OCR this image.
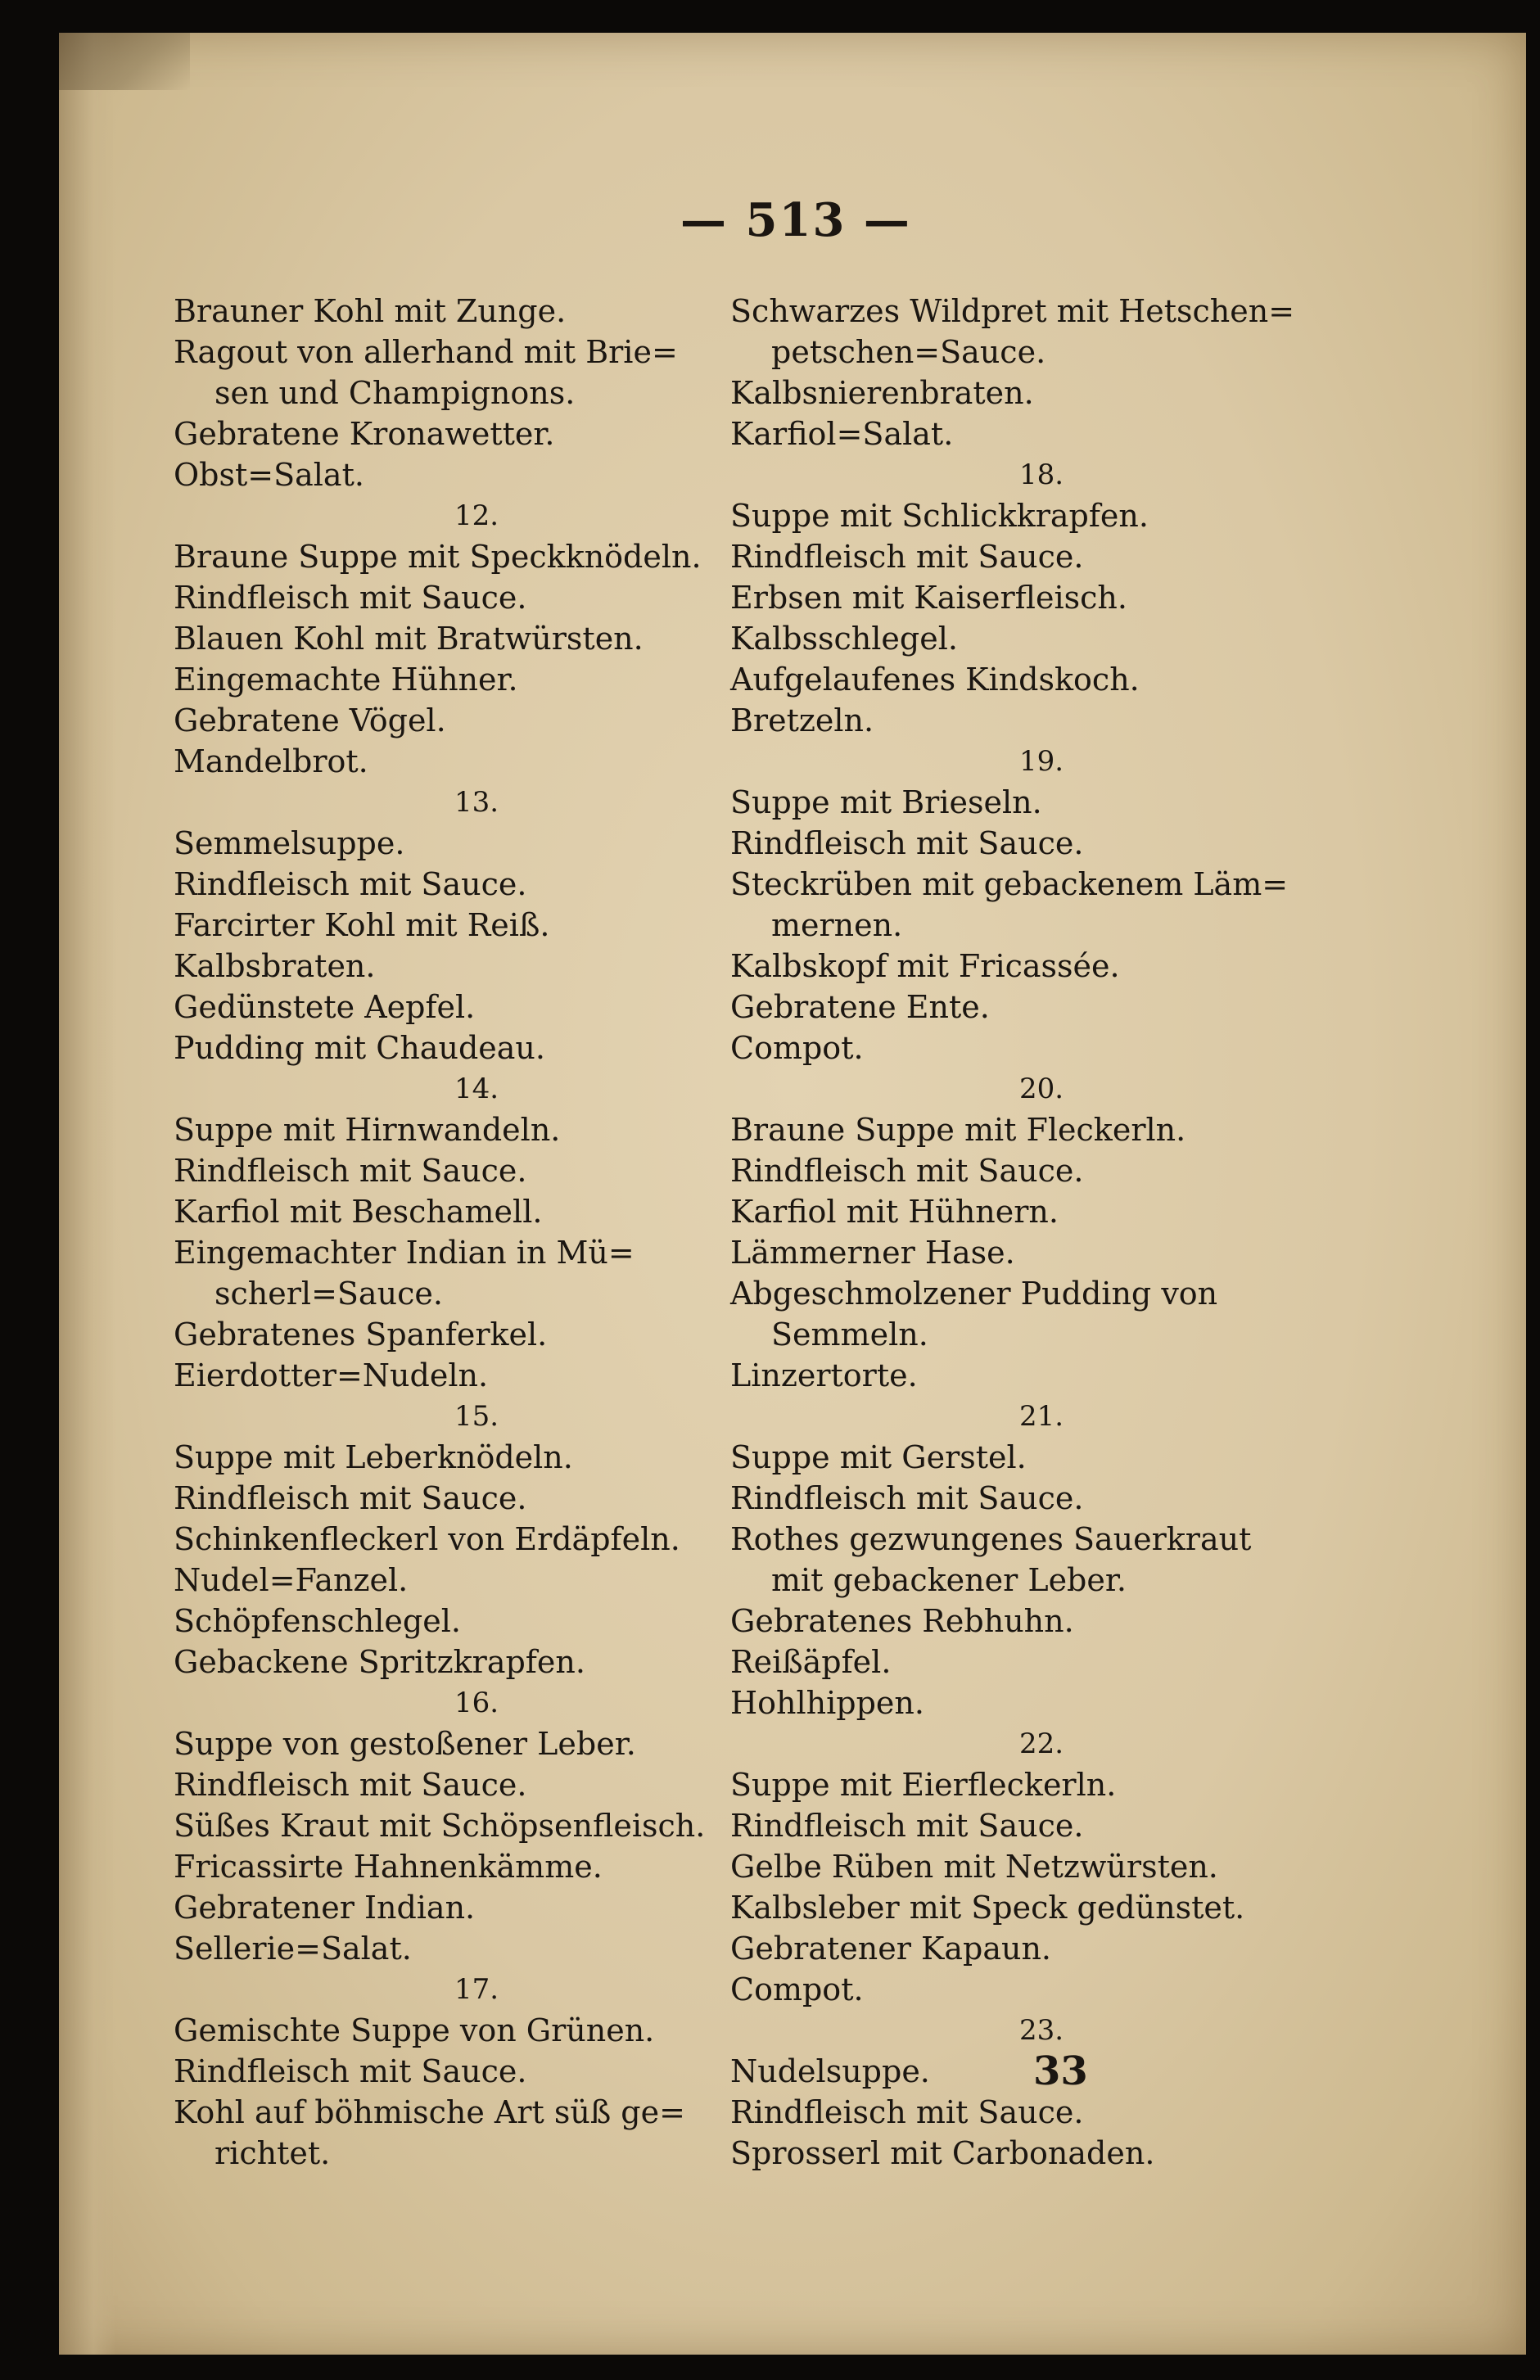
— 513 —
Brauner Kohl mit Zunge.
Ragout von allerhand mit Brie=
sen und Champignons.
Gebratene Kronawetter.
Obst=Salat.
12.
Braune Suppe mit Speckknödeln.
Rindfleisch mit Sauce.
Blauen Kohl mit Bratwürsten.
Eingemachte Hühner.
Gebratene Vögel.
Mandelbrot.
13.
Semmelsuppe.
Rindfleisch mit Sauce.
Farcirter Kohl mit Reiß.
Kalbsbraten.
Gedünstete Aepfel.
Pudding mit Chaudeau.
14.
Suppe mit Hirnwandeln.
Rindfleisch mit Sauce.
Karfiol mit Beschamell.
Eingemachter Indian in Mü=
scherl=Sauce.
Gebratenes Spanferkel.
Eierdotter=Nudeln.
15.
Suppe mit Leberknödeln.
Rindfleisch mit Sauce.
Schinkenfleckerl von Erdäpfeln.
Nudel=Fanzel.
Schöpfenschlegel.
Gebackene Spritzkrapfen.
16.
Suppe von gestoßener Leber.
Rindfleisch mit Sauce.
Süßes Kraut mit Schöpsenfleisch.
Fricassirte Hahnenkämme.
Gebratener Indian.
Sellerie=Salat.
17.
Gemischte Suppe von Grünen.
Rindfleisch mit Sauce.
Kohl auf böhmische Art süß ge=
richtet.
Schwarzes Wildpret mit Hetschen=
petschen=Sauce.
Kalbsnierenbraten.
Karfiol=Salat.
18.
Suppe mit Schlickkrapfen.
Rindfleisch mit Sauce.
Erbsen mit Kaiserfleisch.
Kalbsschlegel.
Aufgelaufenes Kindskoch.
Bretzeln.
19.
Suppe mit Brieseln.
Rindfleisch mit Sauce.
Steckrüben mit gebackenem Läm=
mernen.
Kalbskopf mit Fricassée.
Gebratene Ente.
Compot.
20.
Braune Suppe mit Fleckerln.
Rindfleisch mit Sauce.
Karfiol mit Hühnern.
Lämmerner Hase.
Abgeschmolzener Pudding von
Semmeln.
Linzertorte.
21.
Suppe mit Gerstel.
Rindfleisch mit Sauce.
Rothes gezwungenes Sauerkraut
mit gebackener Leber.
Gebratenes Rebhuhn.
Reißäpfel.
Hohlhippen.
22.
Suppe mit Eierfleckerln.
Rindfleisch mit Sauce.
Gelbe Rüben mit Netzwürsten.
Kalbsleber mit Speck gedünstet.
Gebratener Kapaun.
Compot.
23.
Nudelsuppe.
Rindfleisch mit Sauce.
Sprosserl mit Carbonaden.
33
